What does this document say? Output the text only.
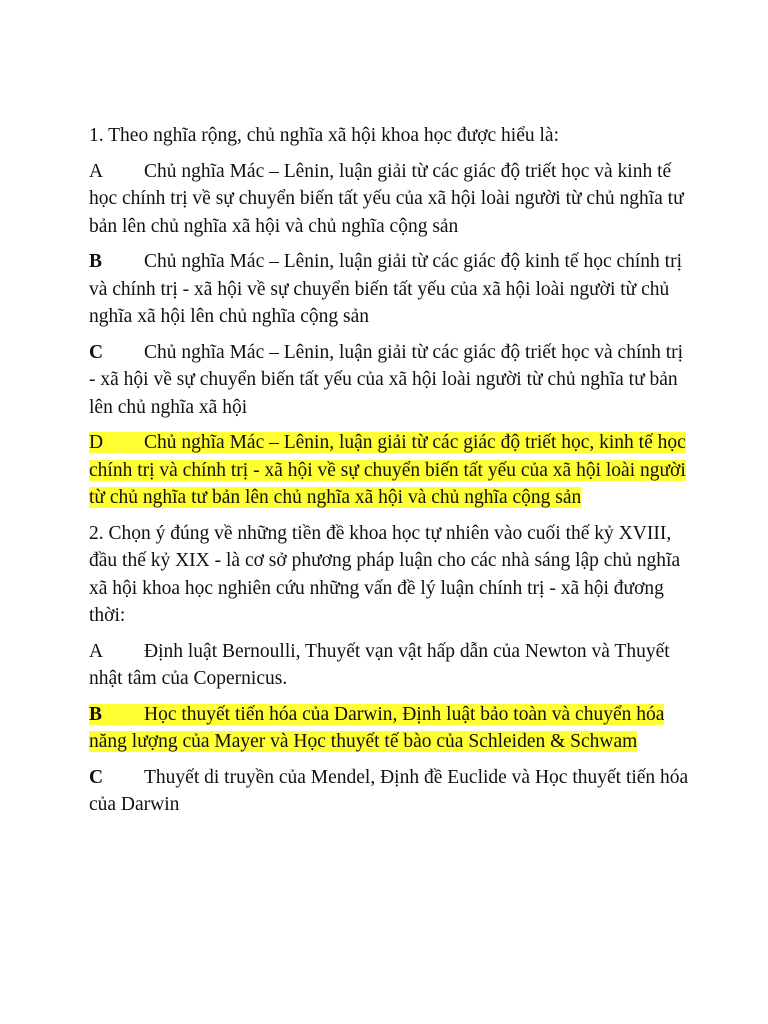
1. Theo nghĩa rộng, chủ nghĩa xã hội khoa học được hiểu là:

A Chủ nghĩa Mác – Lênin, luận giải từ các giác độ triết học và kinh tế học chính trị về sự chuyển biến tất yếu của xã hội loài người từ chủ nghĩa tư bản lên chủ nghĩa xã hội và chủ nghĩa cộng sản

B Chủ nghĩa Mác – Lênin, luận giải từ các giác độ kinh tế học chính trị và chính trị - xã hội về sự chuyển biến tất yếu của xã hội loài người từ chủ nghĩa xã hội lên chủ nghĩa cộng sản

C Chủ nghĩa Mác – Lênin, luận giải từ các giác độ triết học và chính trị - xã hội về sự chuyển biến tất yếu của xã hội loài người từ chủ nghĩa tư bản lên chủ nghĩa xã hội

D Chủ nghĩa Mác – Lênin, luận giải từ các giác độ triết học, kinh tế học chính trị và chính trị - xã hội về sự chuyển biến tất yếu của xã hội loài người từ chủ nghĩa tư bản lên chủ nghĩa xã hội và chủ nghĩa cộng sản

2. Chọn ý đúng về những tiền đề khoa học tự nhiên vào cuối thế kỷ XVIII, đầu thế kỷ XIX - là cơ sở phương pháp luận cho các nhà sáng lập chủ nghĩa xã hội khoa học nghiên cứu những vấn đề lý luận chính trị - xã hội đương thời:

A Định luật Bernoulli, Thuyết vạn vật hấp dẫn của Newton và Thuyết nhật tâm của Copernicus.

B Học thuyết tiến hóa của Darwin, Định luật bảo toàn và chuyển hóa năng lượng của Mayer và Học thuyết tế bào của Schleiden & Schwam

C Thuyết di truyền của Mendel, Định đề Euclide và Học thuyết tiến hóa của Darwin
